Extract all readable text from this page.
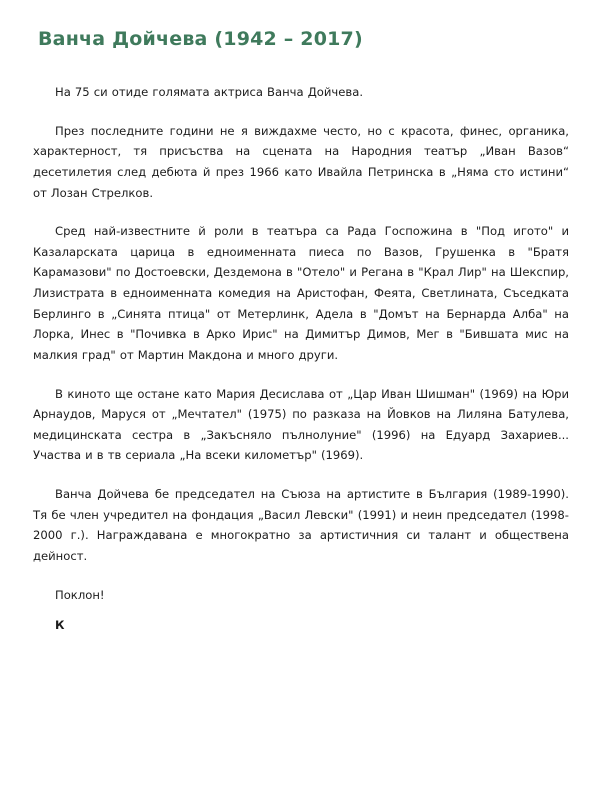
Ванча Дойчева (1942 – 2017)

На 75 си отиде голямата актриса Ванча Дойчева.

През последните години не я виждахме често, но с красота, финес, органика, характерност, тя присъства на сцената на Народния театър „Иван Вазов“ десетилетия след дебюта й през 1966 като Ивайла Петринска в „Няма сто истини“ от Лозан Стрелков.

Сред най-известните й роли в театъра са Рада Госпожина в "Под игото" и Казаларската царица в едноименната пиеса по Вазов, Грушенка в "Братя Карамазови" по Достоевски, Дездемона в "Отело" и Регана в "Крал Лир" на Шекспир, Лизистрата в едноименната комедия на Аристофан, Феята, Светлината, Съседката Берлинго в „Синята птица" от Метерлинк, Адела в "Домът на Бернарда Алба" на Лорка, Инес в "Почивка в Арко Ирис" на Димитър Димов, Мег в "Бившата мис на малкия град" от Мартин Макдона и много други.

В киното ще остане като Мария Десислава от „Цар Иван Шишман" (1969) на Юри Арнаудов, Маруся от „Мечтател" (1975) по разказа на Йовков на Лиляна Батулева, медицинската сестра в „Закъсняло пълнолуние" (1996) на Едуард Захариев... Участва и в тв сериала „На всеки километър" (1969).

Ванча Дойчева бе председател на Съюза на артистите в България (1989-1990). Тя бе член учредител на фондация „Васил Левски" (1991) и неин председател (1998-2000 г.). Награждавана е многократно за артистичния си талант и обществена дейност.

Поклон!

К
